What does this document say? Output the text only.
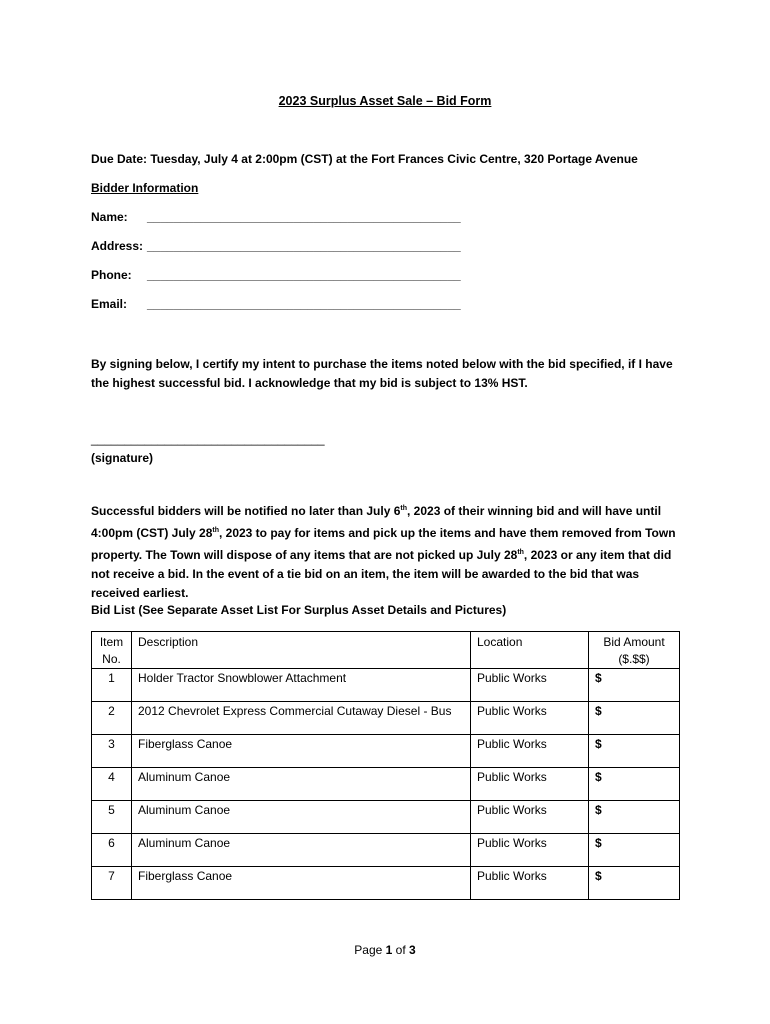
2023 Surplus Asset Sale – Bid Form
Due Date: Tuesday, July 4 at 2:00pm (CST) at the Fort Frances Civic Centre, 320 Portage Avenue
Bidder Information
Name: _______________________________________________
Address: _______________________________________________
Phone: _______________________________________________
Email: _______________________________________________
By signing below, I certify my intent to purchase the items noted below with the bid specified, if I have the highest successful bid. I acknowledge that my bid is subject to 13% HST.
___________________________________
(signature)
Successful bidders will be notified no later than July 6th, 2023 of their winning bid and will have until 4:00pm (CST) July 28th, 2023 to pay for items and pick up the items and have them removed from Town property. The Town will dispose of any items that are not picked up July 28th, 2023 or any item that did not receive a bid. In the event of a tie bid on an item, the item will be awarded to the bid that was received earliest.
Bid List (See Separate Asset List For Surplus Asset Details and Pictures)
Item
No.	Description	Location	Bid Amount
($.$$)
1	Holder Tractor Snowblower Attachment	Public Works	$
2	2012 Chevrolet Express Commercial Cutaway Diesel - Bus	Public Works	$
3	Fiberglass Canoe	Public Works	$
4	Aluminum Canoe	Public Works	$
5	Aluminum Canoe	Public Works	$
6	Aluminum Canoe	Public Works	$
7	Fiberglass Canoe	Public Works	$
Page 1 of 3
